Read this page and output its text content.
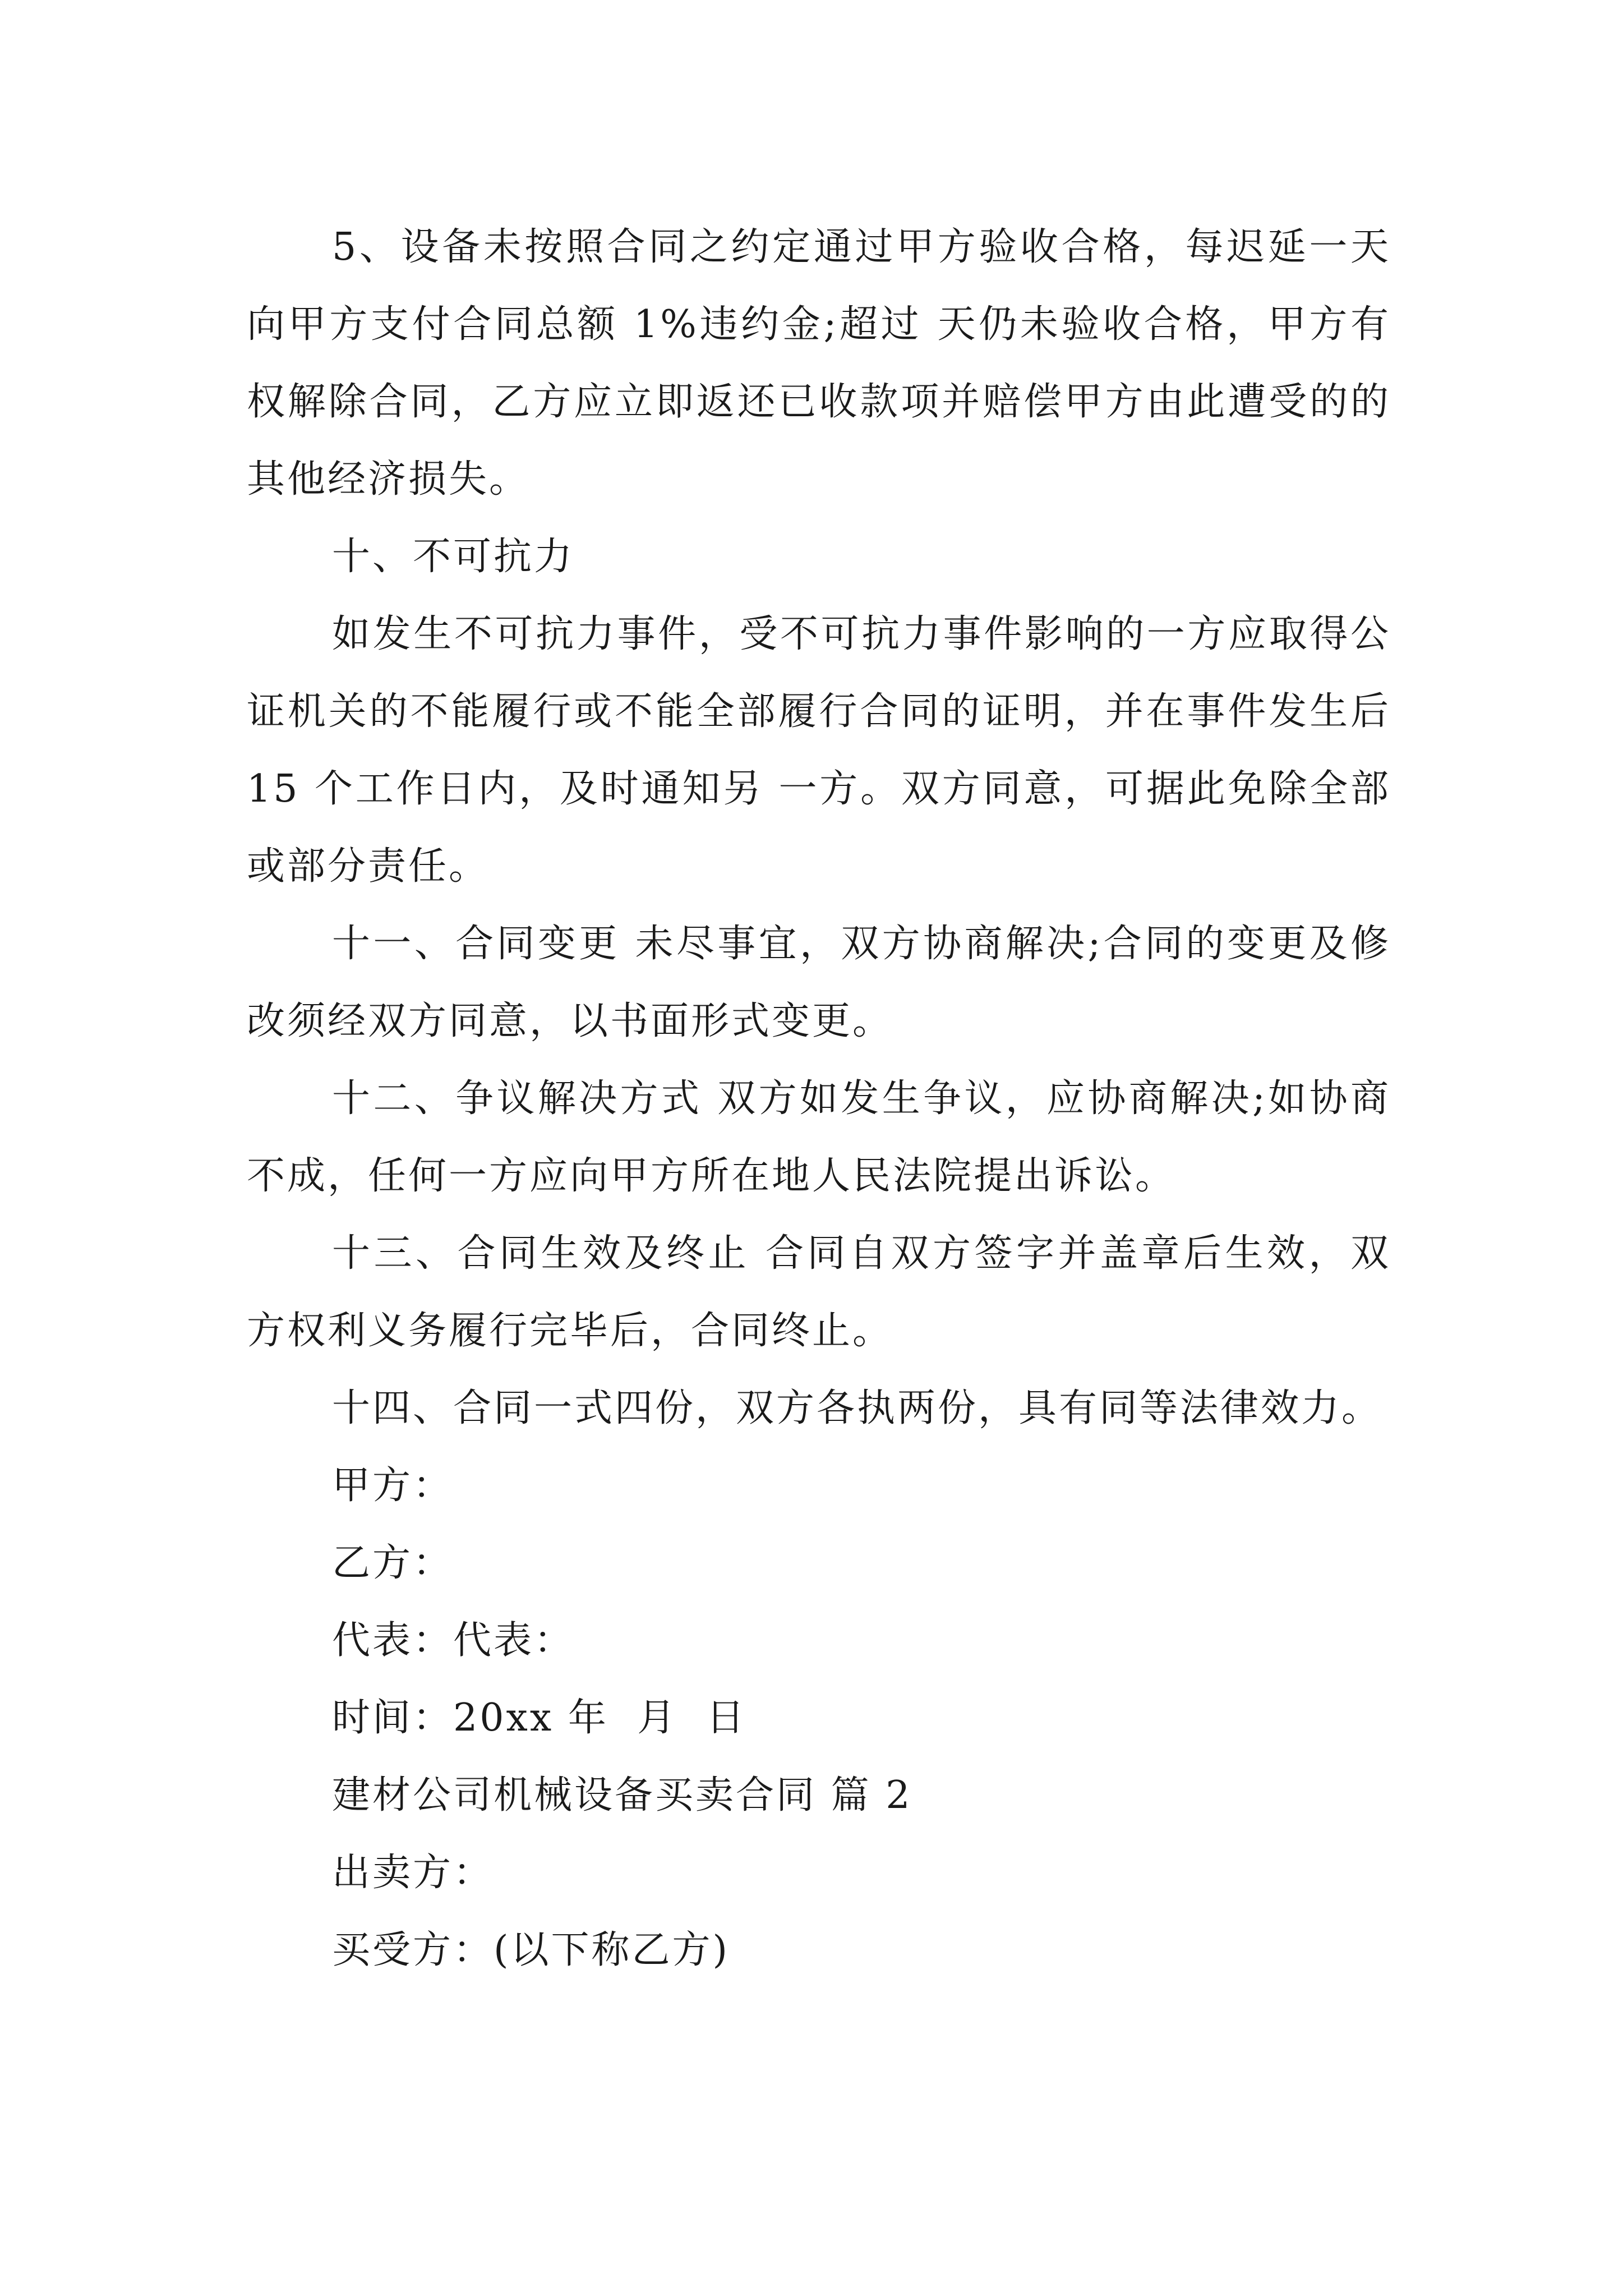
5、设备未按照合同之约定通过甲方验收合格，每迟延一天向甲方支付合同总额 1%违约金;超过 天仍未验收合格，甲方有权解除合同，乙方应立即返还已收款项并赔偿甲方由此遭受的的其他经济损失。

十、不可抗力

如发生不可抗力事件，受不可抗力事件影响的一方应取得公证机关的不能履行或不能全部履行合同的证明，并在事件发生后 15 个工作日内，及时通知另 一方。双方同意，可据此免除全部或部分责任。

十一、合同变更 未尽事宜，双方协商解决;合同的变更及修改须经双方同意，以书面形式变更。

十二、争议解决方式 双方如发生争议，应协商解决;如协商不成，任何一方应向甲方所在地人民法院提出诉讼。

十三、合同生效及终止 合同自双方签字并盖章后生效，双方权利义务履行完毕后，合同终止。

十四、合同一式四份，双方各执两份，具有同等法律效力。

甲方：

乙方：

代表：代表：

时间：20xx 年  月  日

建材公司机械设备买卖合同 篇 2

出卖方：

买受方：(以下称乙方)
